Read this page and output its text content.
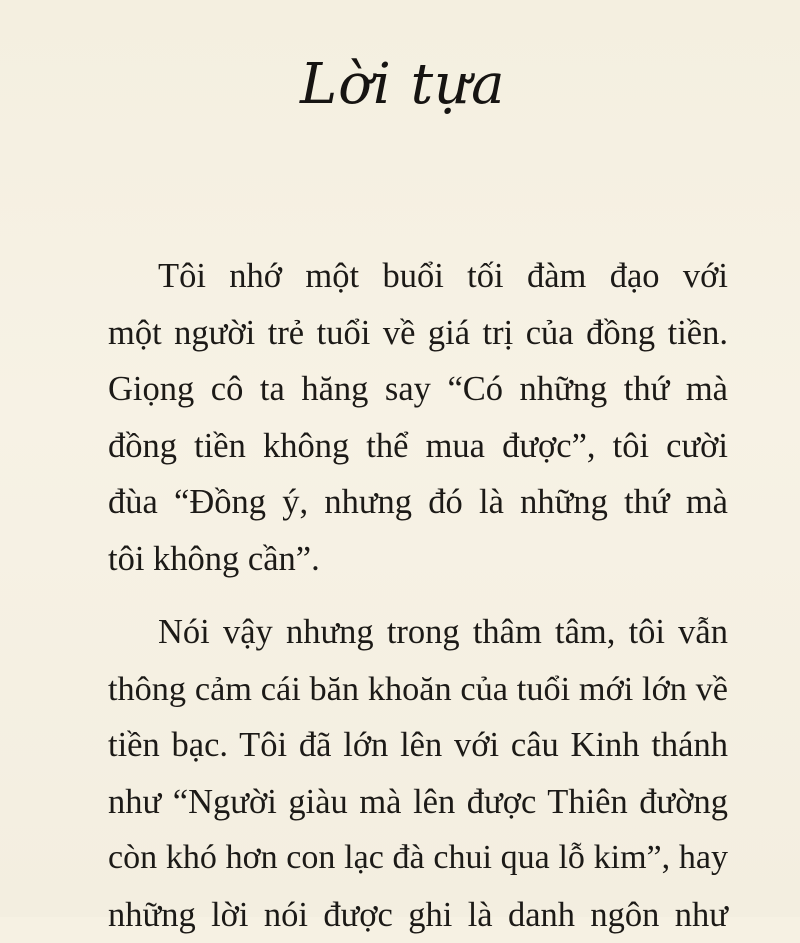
Lời tựa
Tôi nhớ một buổi tối đàm đạo với
một người trẻ tuổi về giá trị của đồng tiền.
Giọng cô ta hăng say “Có những thứ mà
đồng tiền không thể mua được”, tôi cười
đùa “Đồng ý, nhưng đó là những thứ mà
tôi không cần”.
Nói vậy nhưng trong thâm tâm, tôi vẫn
thông cảm cái băn khoăn của tuổi mới lớn về
tiền bạc. Tôi đã lớn lên với câu Kinh thánh
như “Người giàu mà lên được Thiên đường
còn khó hơn con lạc đà chui qua lỗ kim”, hay
những lời nói được ghi là danh ngôn như
